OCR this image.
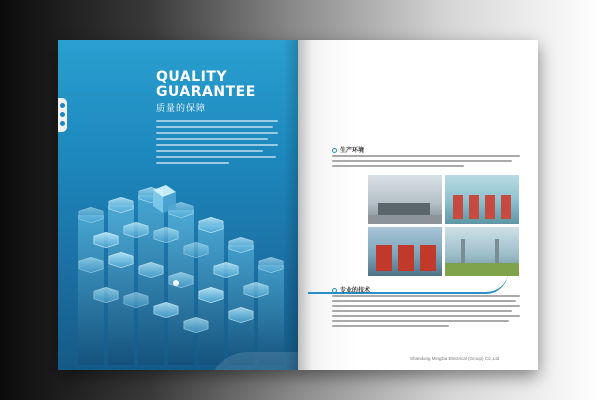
QUALITY
GUARANTEE
质量的保障
生产环境
专业的技术
Shandong MingDa Electrical (Group) Co.,Ltd
